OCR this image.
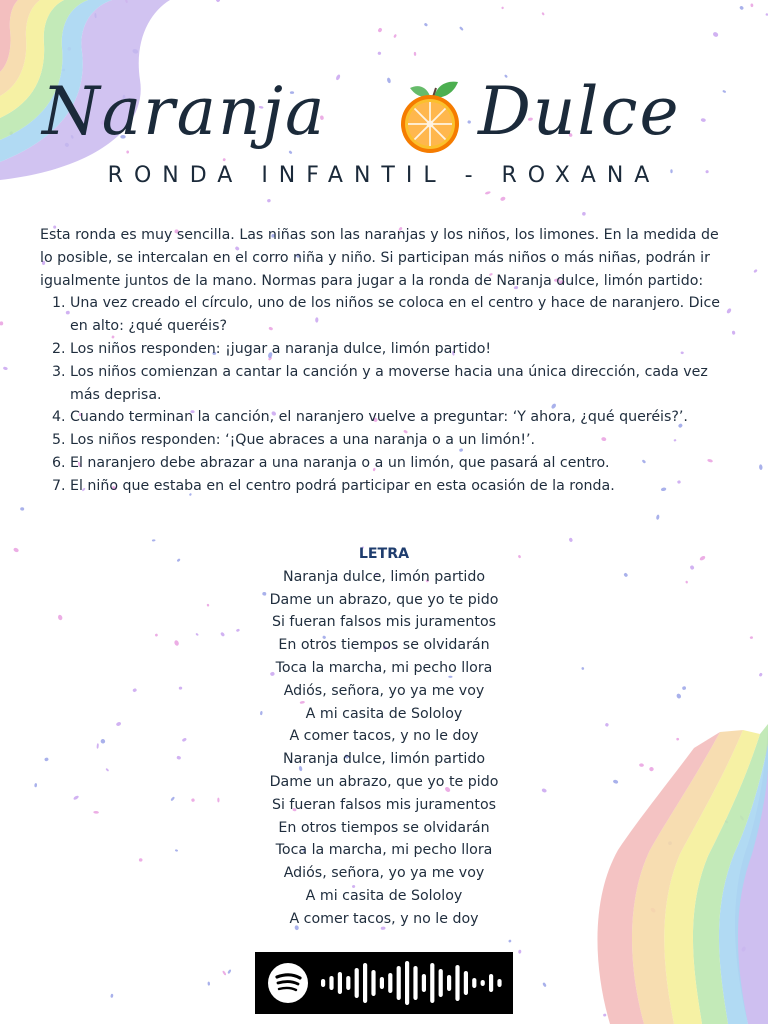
Naranja Dulce
RONDA INFANTIL - ROXANA

Esta ronda es muy sencilla. Las niñas son las naranjas y los niños, los limones. En la medida de lo posible, se intercalan en el corro niña y niño. Si participan más niños o más niñas, podrán ir igualmente juntos de la mano. Normas para jugar a la ronda de Naranja dulce, limón partido:

1. Una vez creado el círculo, uno de los niños se coloca en el centro y hace de naranjero. Dice en alto: ¿qué queréis?
2. Los niños responden: ¡jugar a naranja dulce, limón partido!
3. Los niños comienzan a cantar la canción y a moverse hacia una única dirección, cada vez más deprisa.
4. Cuando terminan la canción, el naranjero vuelve a preguntar: ‘Y ahora, ¿qué queréis?’.
5. Los niños responden: ‘¡Que abraces a una naranja o a un limón!’.
6. El naranjero debe abrazar a una naranja o a un limón, que pasará al centro.
7. El niño que estaba en el centro podrá participar en esta ocasión de la ronda.
LETRA
Naranja dulce, limón partido
Dame un abrazo, que yo te pido
Si fueran falsos mis juramentos
En otros tiempos se olvidarán
Toca la marcha, mi pecho llora
Adiós, señora, yo ya me voy
A mi casita de Sololoy
A comer tacos, y no le doy
Naranja dulce, limón partido
Dame un abrazo, que yo te pido
Si fueran falsos mis juramentos
En otros tiempos se olvidarán
Toca la marcha, mi pecho llora
Adiós, señora, yo ya me voy
A mi casita de Sololoy
A comer tacos, y no le doy
